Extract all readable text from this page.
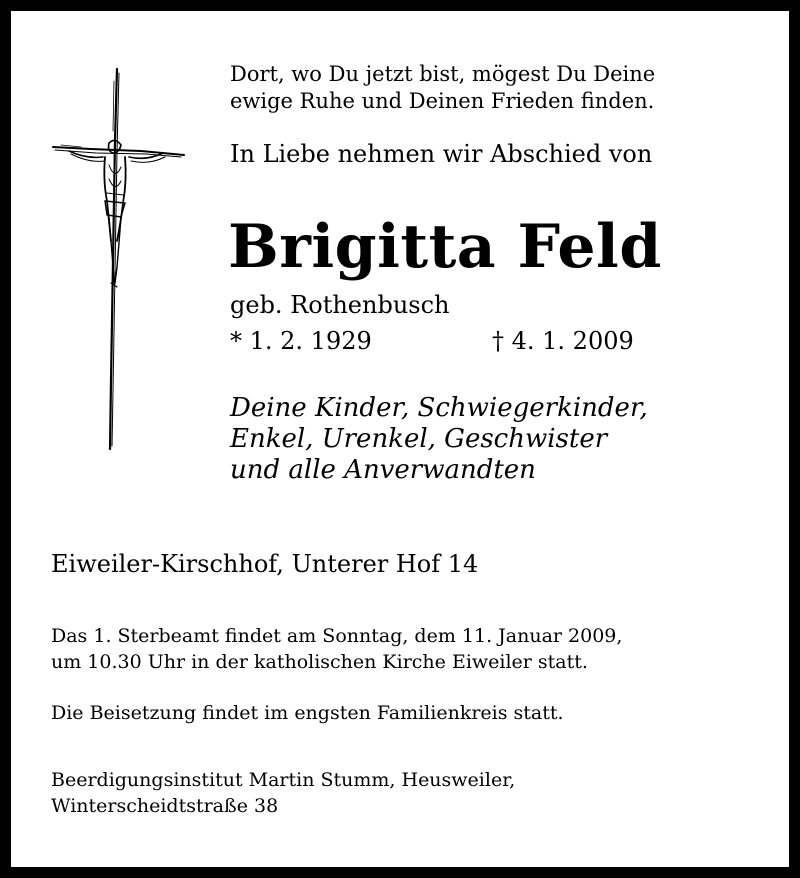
Dort, wo Du jetzt bist, mögest Du Deine
ewige Ruhe und Deinen Frieden finden.
In Liebe nehmen wir Abschied von
Brigitta Feld
geb. Rothenbusch
* 1. 2. 1929	† 4. 1. 2009
Deine Kinder, Schwiegerkinder,
Enkel, Urenkel, Geschwister
und alle Anverwandten
Eiweiler-Kirschhof, Unterer Hof 14
Das 1. Sterbeamt findet am Sonntag, dem 11. Januar 2009,
um 10.30 Uhr in der katholischen Kirche Eiweiler statt.
Die Beisetzung findet im engsten Familienkreis statt.
Beerdigungsinstitut Martin Stumm, Heusweiler,
Winterscheidtstraße 38
